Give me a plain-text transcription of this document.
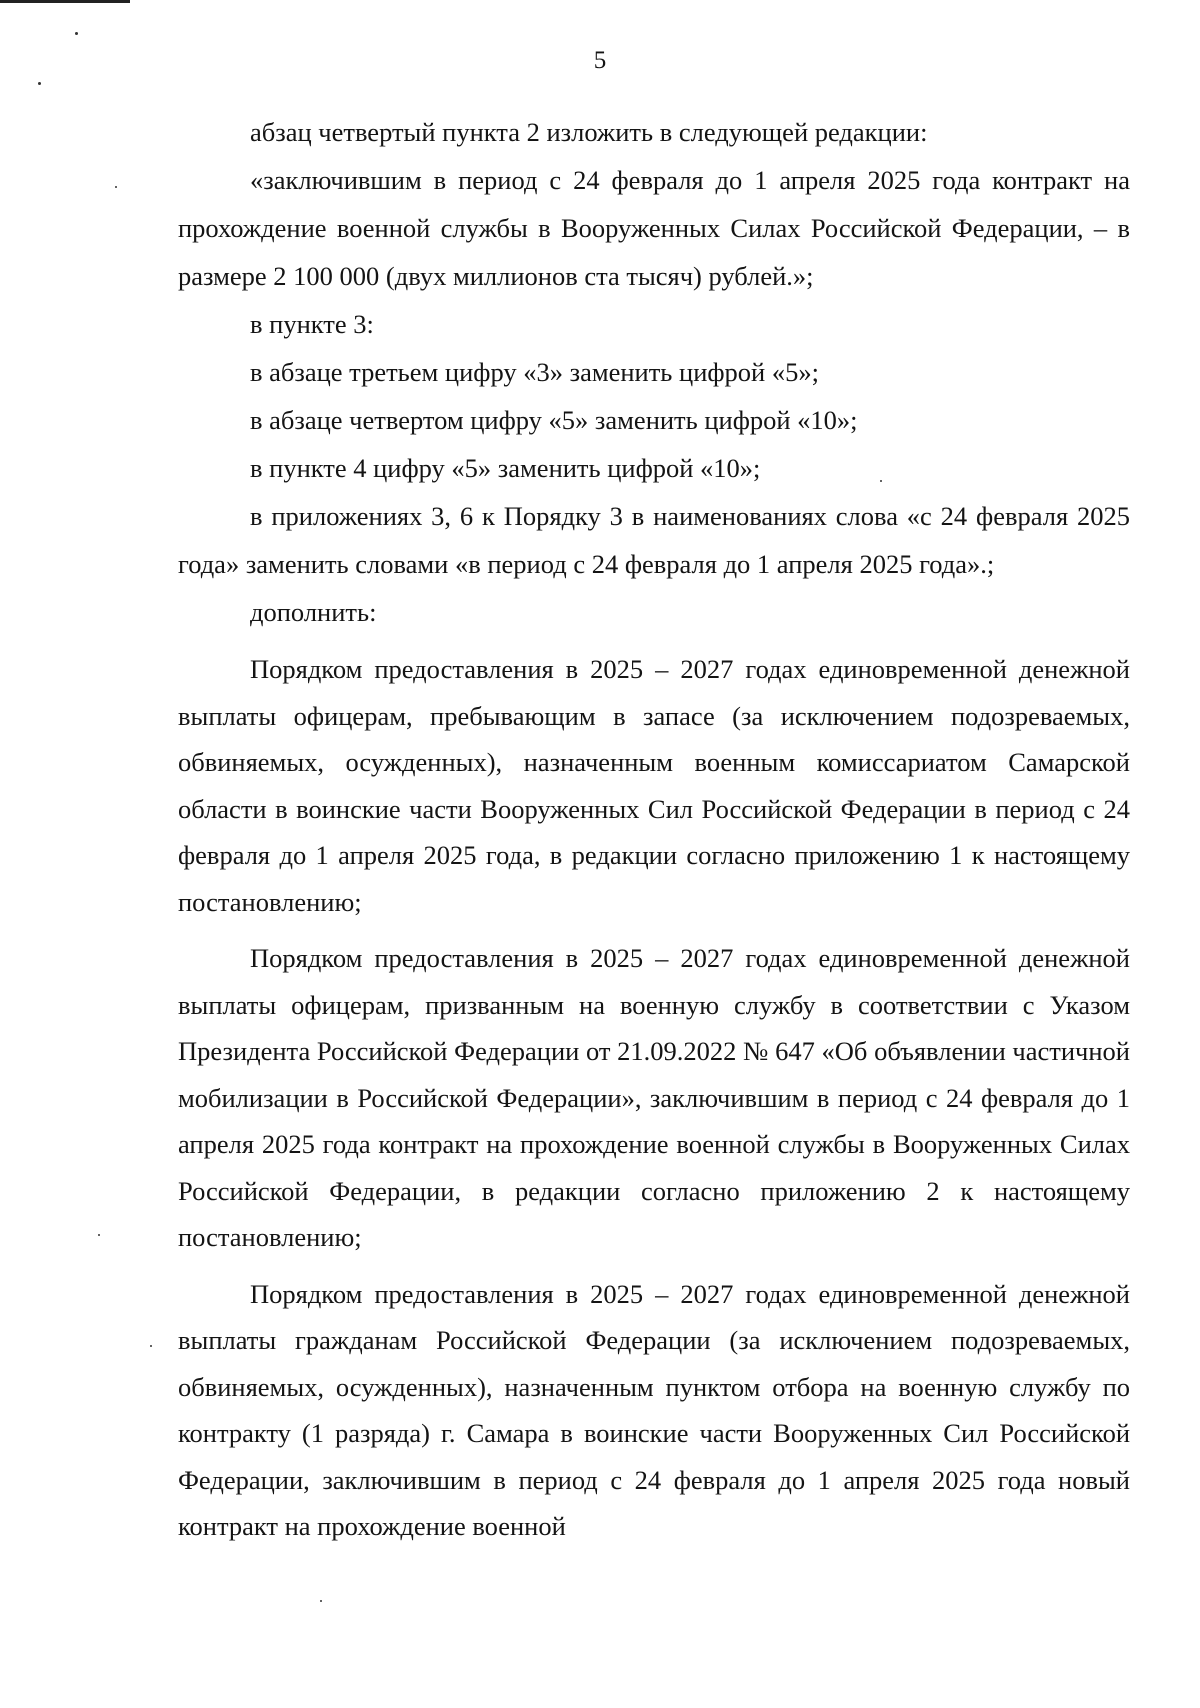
5

абзац четвертый пункта 2 изложить в следующей редакции:

«заключившим в период с 24 февраля до 1 апреля 2025 года контракт на прохождение военной службы в Вооруженных Силах Российской Федерации, – в размере 2 100 000 (двух миллионов ста тысяч) рублей.»;

в пункте 3:

в абзаце третьем цифру «3» заменить цифрой «5»;

в абзаце четвертом цифру «5» заменить цифрой «10»;

в пункте 4 цифру «5» заменить цифрой «10»;

в приложениях 3, 6 к Порядку 3 в наименованиях слова «с 24 февраля 2025 года» заменить словами «в период с 24 февраля до 1 апреля 2025 года».;

дополнить:

Порядком предоставления в 2025 – 2027 годах единовременной денежной выплаты офицерам, пребывающим в запасе (за исключением подозреваемых, обвиняемых, осужденных), назначенным военным комиссариатом Самарской области в воинские части Вооруженных Сил Российской Федерации в период с 24 февраля до 1 апреля 2025 года, в редакции согласно приложению 1 к настоящему постановлению;

Порядком предоставления в 2025 – 2027 годах единовременной денежной выплаты офицерам, призванным на военную службу в соответствии с Указом Президента Российской Федерации от 21.09.2022 № 647 «Об объявлении частичной мобилизации в Российской Федерации», заключившим в период с 24 февраля до 1 апреля 2025 года контракт на прохождение военной службы в Вооруженных Силах Российской Федерации, в редакции согласно приложению 2 к настоящему постановлению;

Порядком предоставления в 2025 – 2027 годах единовременной денежной выплаты гражданам Российской Федерации (за исключением подозреваемых, обвиняемых, осужденных), назначенным пунктом отбора на военную службу по контракту (1 разряда) г. Самара в воинские части Вооруженных Сил Российской Федерации, заключившим в период с 24 февраля до 1 апреля 2025 года новый контракт на прохождение военной
